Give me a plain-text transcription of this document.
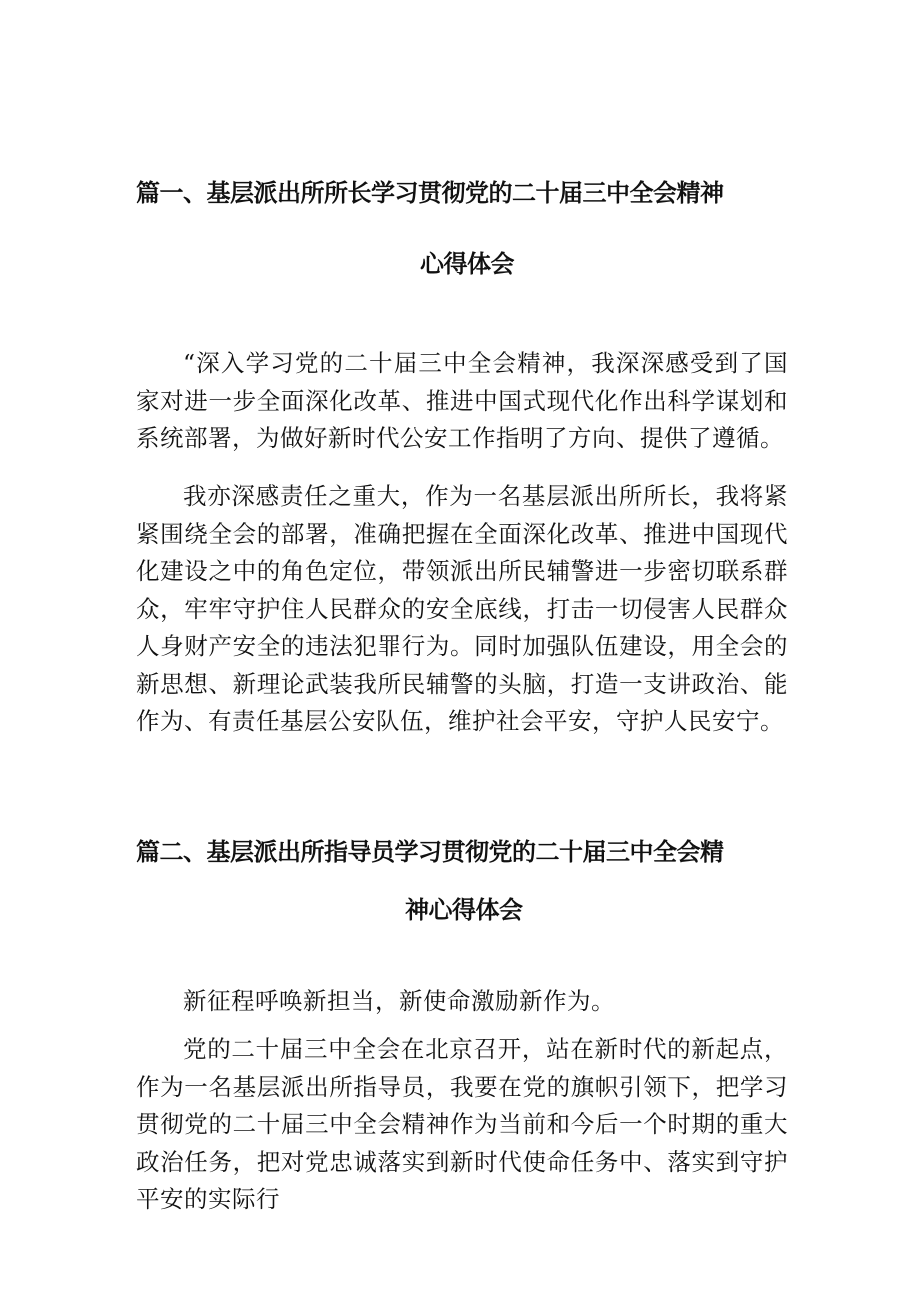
篇一、基层派出所所长学习贯彻党的二十届三中全会精神
心得体会
“深入学习党的二十届三中全会精神，我深深感受到了国家对进一步全面深化改革、推进中国式现代化作出科学谋划和系统部署，为做好新时代公安工作指明了方向、提供了遵循。
我亦深感责任之重大，作为一名基层派出所所长，我将紧紧围绕全会的部署，准确把握在全面深化改革、推进中国现代化建设之中的角色定位，带领派出所民辅警进一步密切联系群众，牢牢守护住人民群众的安全底线，打击一切侵害人民群众人身财产安全的违法犯罪行为。同时加强队伍建设，用全会的新思想、新理论武装我所民辅警的头脑，打造一支讲政治、能作为、有责任基层公安队伍，维护社会平安，守护人民安宁。
篇二、基层派出所指导员学习贯彻党的二十届三中全会精
神心得体会
新征程呼唤新担当，新使命激励新作为。
党的二十届三中全会在北京召开，站在新时代的新起点，作为一名基层派出所指导员，我要在党的旗帜引领下，把学习贯彻党的二十届三中全会精神作为当前和今后一个时期的重大政治任务，把对党忠诚落实到新时代使命任务中、落实到守护平安的实际行
